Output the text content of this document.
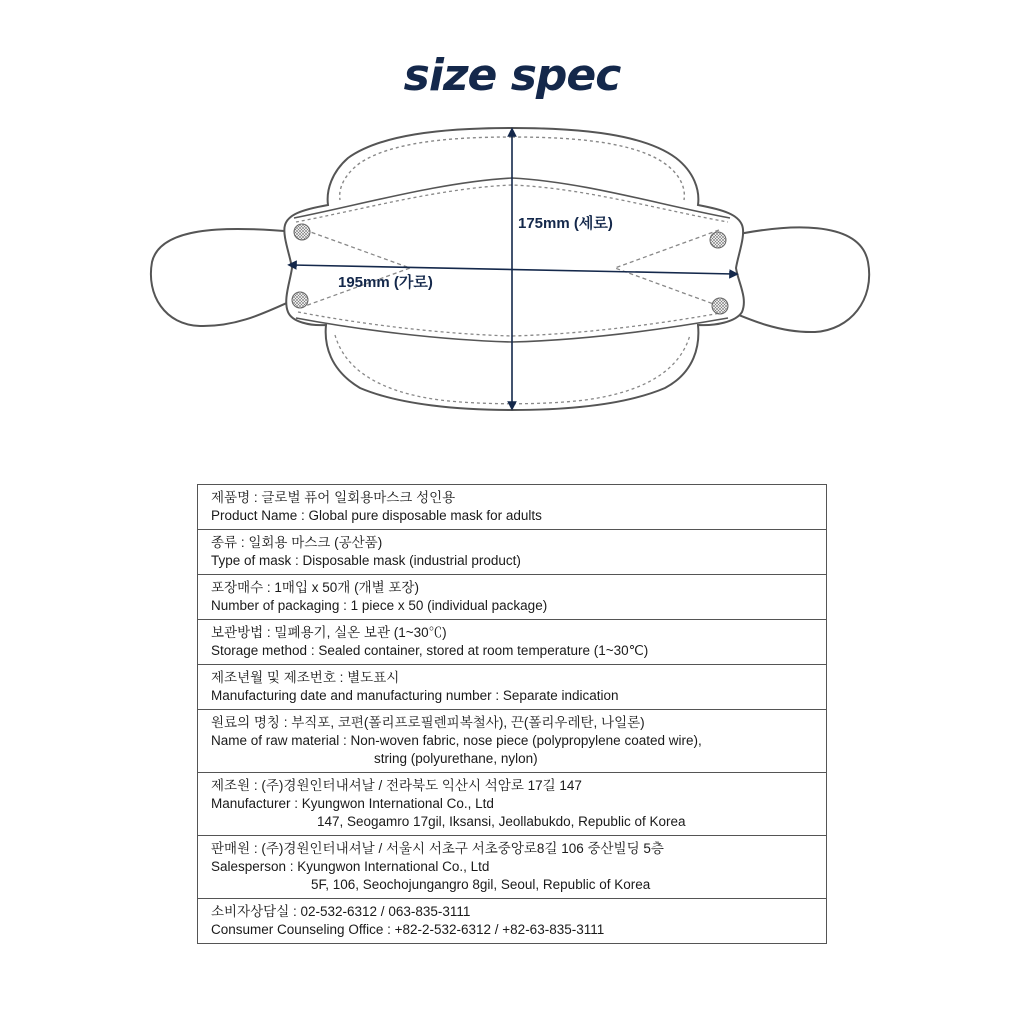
size spec
175mm (세로)
195mm (가로)
제품명 : 글로벌 퓨어 일회용마스크 성인용
Product Name : Global pure disposable mask for adults

종류 : 일회용 마스크 (공산품)
Type of mask : Disposable mask (industrial product)

포장매수 : 1매입 x 50개 (개별 포장)
Number of packaging : 1 piece x 50 (individual package)

보관방법 : 밀폐용기, 실온 보관 (1~30℃)
Storage method : Sealed container, stored at room temperature (1~30℃)

제조년월 및 제조번호 : 별도표시
Manufacturing date and manufacturing number : Separate indication

원료의 명칭 : 부직포, 코편(폴리프로필렌피복철사), 끈(폴리우레탄, 나일론)
Name of raw material : Non-woven fabric, nose piece (polypropylene coated wire),
string (polyurethane, nylon)

제조원 : (주)경원인터내셔날 / 전라북도 익산시 석암로 17길 147
Manufacturer : Kyungwon International Co., Ltd
147, Seogamro 17gil, Iksansi, Jeollabukdo, Republic of Korea

판매원 : (주)경원인터내셔날 / 서울시 서초구 서초중앙로8길 106 중산빌딩 5층
Salesperson : Kyungwon International Co., Ltd
5F, 106, Seochojungangro 8gil, Seoul, Republic of Korea

소비자상담실 : 02-532-6312 / 063-835-3111
Consumer Counseling Office : +82-2-532-6312 / +82-63-835-3111
